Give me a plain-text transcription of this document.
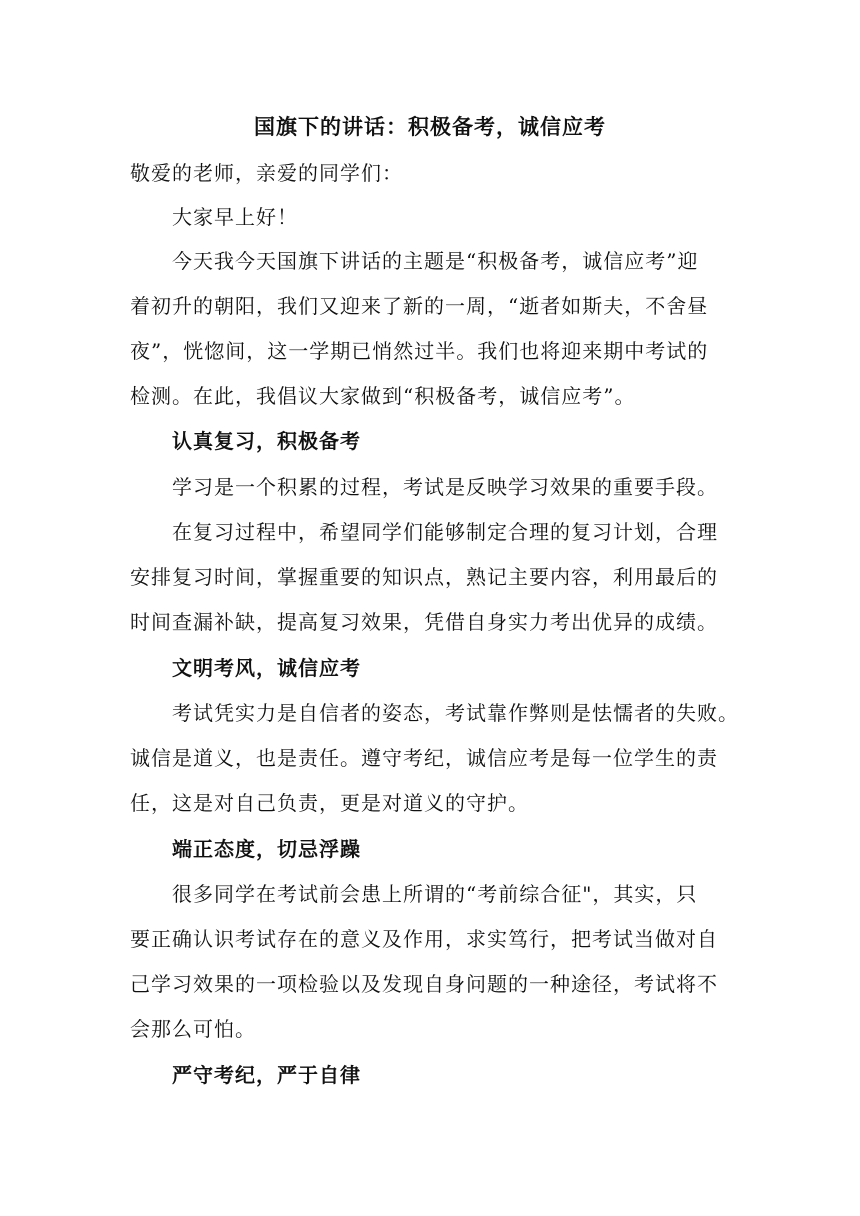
国旗下的讲话：积极备考，诚信应考
敬爱的老师，亲爱的同学们：
大家早上好！
今天我今天国旗下讲话的主题是“积极备考，诚信应考”迎
着初升的朝阳，我们又迎来了新的一周，“逝者如斯夫，不舍昼
夜”，恍惚间，这一学期已悄然过半。我们也将迎来期中考试的
检测。在此，我倡议大家做到“积极备考，诚信应考”。
认真复习，积极备考
学习是一个积累的过程，考试是反映学习效果的重要手段。
在复习过程中，希望同学们能够制定合理的复习计划，合理
安排复习时间，掌握重要的知识点，熟记主要内容，利用最后的
时间查漏补缺，提高复习效果，凭借自身实力考出优异的成绩。
文明考风，诚信应考
考试凭实力是自信者的姿态，考试靠作弊则是怯懦者的失败。
诚信是道义，也是责任。遵守考纪，诚信应考是每一位学生的责
任，这是对自己负责，更是对道义的守护。
端正态度，切忌浮躁
很多同学在考试前会患上所谓的“考前综合征"，其实，只
要正确认识考试存在的意义及作用，求实笃行，把考试当做对自
己学习效果的一项检验以及发现自身问题的一种途径，考试将不
会那么可怕。
严守考纪，严于自律
